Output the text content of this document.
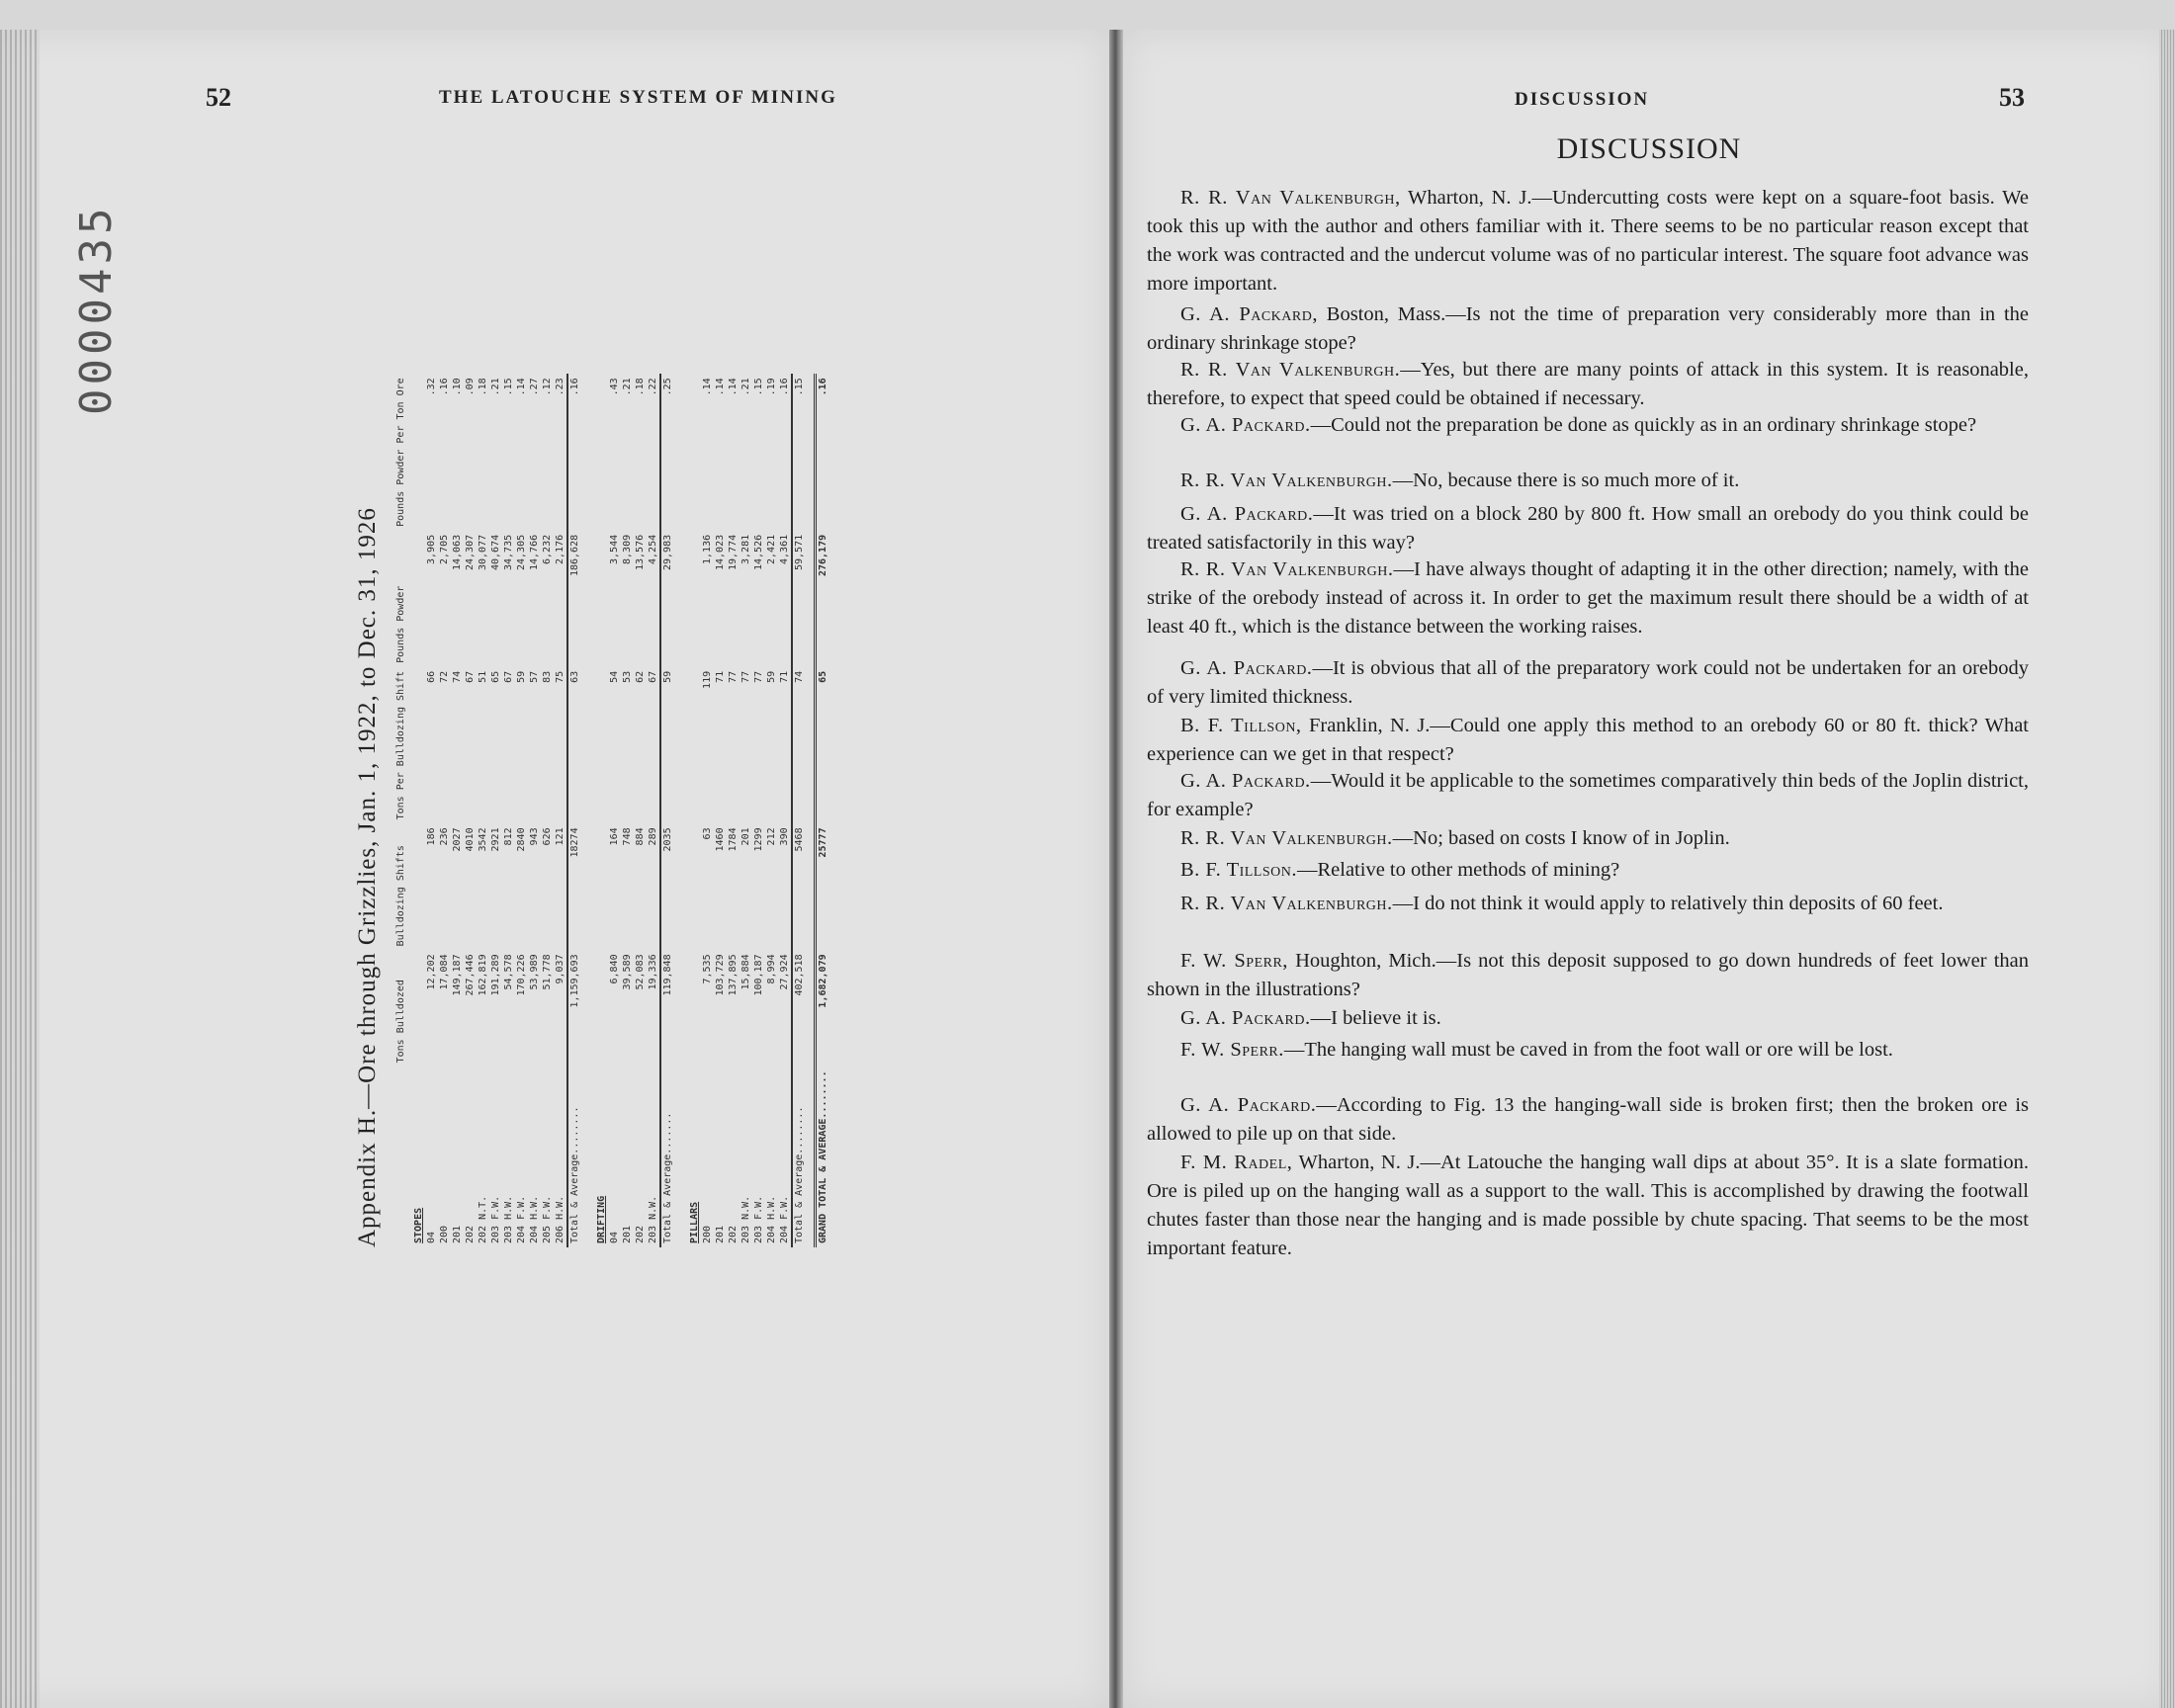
52	THE LATOUCHE SYSTEM OF MINING
0000435
Appendix H.—Ore through Grizzlies, Jan. 1, 1922, to Dec. 31, 1926
	Tons Bulldozed	Bulldozing Shifts	Tons Per Bulldozing Shift	Pounds Powder	Pounds Powder Per Ton Ore
STOPES					
04	12,202	186	66	3,905	.32
200	17,084	236	72	2,705	.16
201	149,187	2027	74	14,063	.10
202	267,446	4010	67	24,307	.09
202 N.T.	162,819	3542	51	30,077	.18
203 F.W.	191,289	2921	65	40,674	.21
203 H.W.	54,578	812	67	34,735	.15
204 F.W.	170,226	2840	59	24,305	.14
204 H.W.	53,989	943	57	14,766	.27
205 F.W.	51,778	626	83	6,232	.12
206 H.W.	9,037	121	75	2,176	.23
Total & Average........	1,159,693	18274	63	186,628	.16
DRIFTING					
04	6,840	164	54	3,544	.43
201	39,589	748	53	8,309	.21
202	52,083	884	62	13,576	.18
203 N.W.	19,336	289	67	4,254	.22
Total & Average.......	119,848	2035	59	29,983	.25
PILLARS					
200	7,535	63	119	1,136	.14
201	103,729	1460	71	14,023	.14
202	137,895	1784	77	19,774	.14
203 N.W.	15,884	201	77	3,281	.21
203 F.W.	100,187	1299	77	14,526	.15
204 H.W.	8,994	212	59	2,421	.19
204 F.W.	27,924	390	71	4,361	.16
Total & Average........	402,518	5468	74	59,571	.15
GRAND TOTAL & AVERAGE........	1,682,079	25777	65	276,179	.16
DISCUSSION	53
DISCUSSION

R. R. Van Valkenburgh, Wharton, N. J.—Undercutting costs were kept on a square-foot basis. We took this up with the author and others familiar with it. There seems to be no particular reason except that the work was contracted and the undercut volume was of no particular interest. The square foot advance was more important.

G. A. Packard, Boston, Mass.—Is not the time of preparation very considerably more than in the ordinary shrinkage stope?

R. R. Van Valkenburgh.—Yes, but there are many points of attack in this system. It is reasonable, therefore, to expect that speed could be obtained if necessary.

G. A. Packard.—Could not the preparation be done as quickly as in an ordinary shrinkage stope?

R. R. Van Valkenburgh.—No, because there is so much more of it.

G. A. Packard.—It was tried on a block 280 by 800 ft. How small an orebody do you think could be treated satisfactorily in this way?

R. R. Van Valkenburgh.—I have always thought of adapting it in the other direction; namely, with the strike of the orebody instead of across it. In order to get the maximum result there should be a width of at least 40 ft., which is the distance between the working raises.

G. A. Packard.—It is obvious that all of the preparatory work could not be undertaken for an orebody of very limited thickness.

B. F. Tillson, Franklin, N. J.—Could one apply this method to an orebody 60 or 80 ft. thick? What experience can we get in that respect?

G. A. Packard.—Would it be applicable to the sometimes comparatively thin beds of the Joplin district, for example?

R. R. Van Valkenburgh.—No; based on costs I know of in Joplin.

B. F. Tillson.—Relative to other methods of mining?

R. R. Van Valkenburgh.—I do not think it would apply to relatively thin deposits of 60 feet.

F. W. Sperr, Houghton, Mich.—Is not this deposit supposed to go down hundreds of feet lower than shown in the illustrations?

G. A. Packard.—I believe it is.

F. W. Sperr.—The hanging wall must be caved in from the foot wall or ore will be lost.

G. A. Packard.—According to Fig. 13 the hanging-wall side is broken first; then the broken ore is allowed to pile up on that side.

F. M. Radel, Wharton, N. J.—At Latouche the hanging wall dips at about 35°. It is a slate formation. Ore is piled up on the hanging wall as a support to the wall. This is accomplished by drawing the footwall chutes faster than those near the hanging and is made possible by chute spacing. That seems to be the most important feature.
